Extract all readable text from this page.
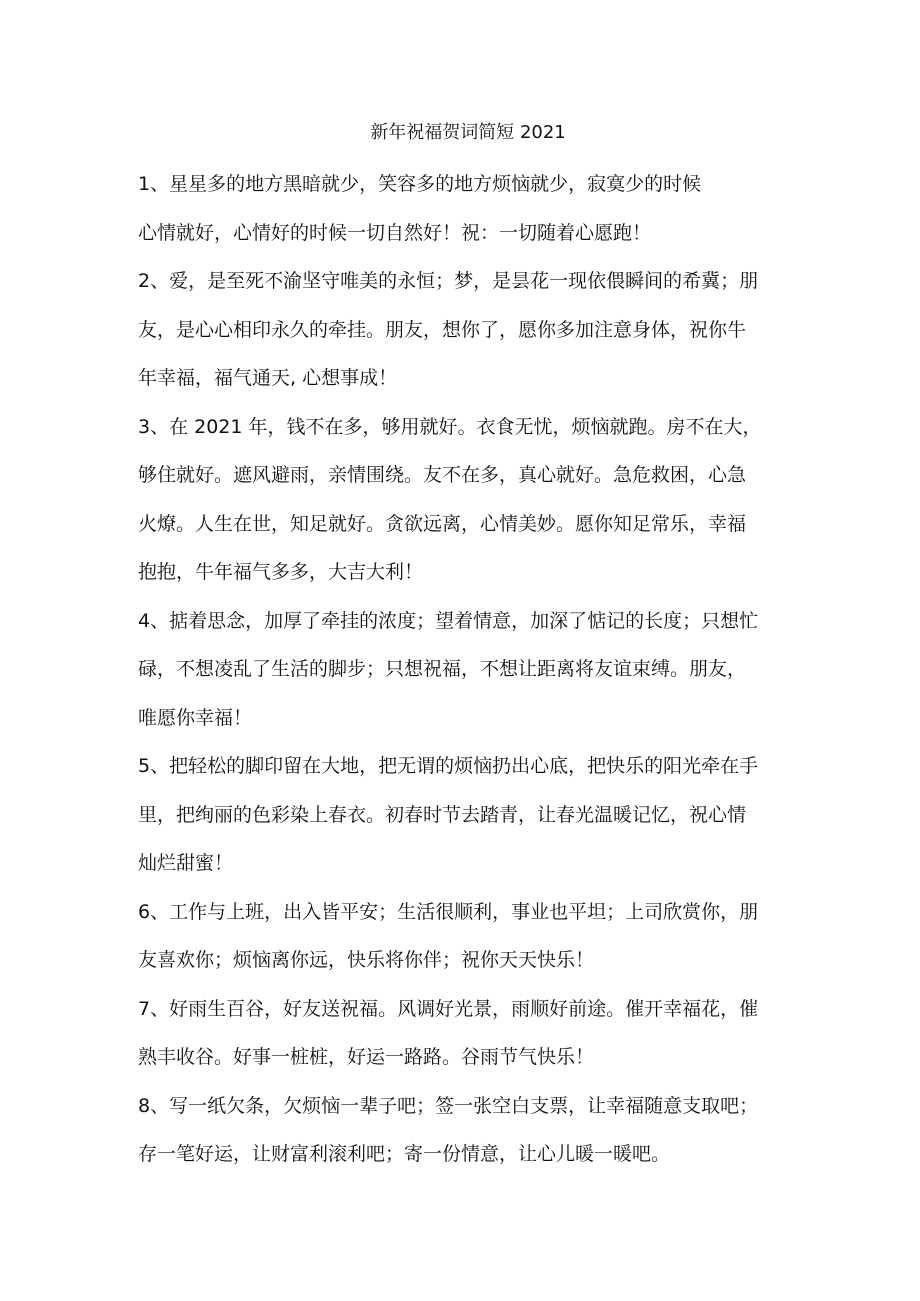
新年祝福贺词简短 2021
1、星星多的地方黑暗就少，笑容多的地方烦恼就少，寂寞少的时候
心情就好，心情好的时候一切自然好！祝：一切随着心愿跑！
2、爱，是至死不渝坚守唯美的永恒；梦，是昙花一现依偎瞬间的希冀；朋
友，是心心相印永久的牵挂。朋友，想你了，愿你多加注意身体，祝你牛
年幸福，福气通天, 心想事成！
3、在 2021 年，钱不在多，够用就好。衣食无忧，烦恼就跑。房不在大，
够住就好。遮风避雨，亲情围绕。友不在多，真心就好。急危救困，心急
火燎。人生在世，知足就好。贪欲远离，心情美妙。愿你知足常乐，幸福
抱抱，牛年福气多多，大吉大利！
4、掂着思念，加厚了牵挂的浓度；望着情意，加深了惦记的长度；只想忙
碌，不想凌乱了生活的脚步；只想祝福，不想让距离将友谊束缚。朋友，
唯愿你幸福！
5、把轻松的脚印留在大地，把无谓的烦恼扔出心底，把快乐的阳光牵在手
里，把绚丽的色彩染上春衣。初春时节去踏青，让春光温暖记忆，祝心情
灿烂甜蜜！
6、工作与上班，出入皆平安；生活很顺利，事业也平坦；上司欣赏你，朋
友喜欢你；烦恼离你远，快乐将你伴；祝你天天快乐！
7、好雨生百谷，好友送祝福。风调好光景，雨顺好前途。催开幸福花，催
熟丰收谷。好事一桩桩，好运一路路。谷雨节气快乐！
8、写一纸欠条，欠烦恼一辈子吧；签一张空白支票，让幸福随意支取吧；
存一笔好运，让财富利滚利吧；寄一份情意，让心儿暖一暖吧。
